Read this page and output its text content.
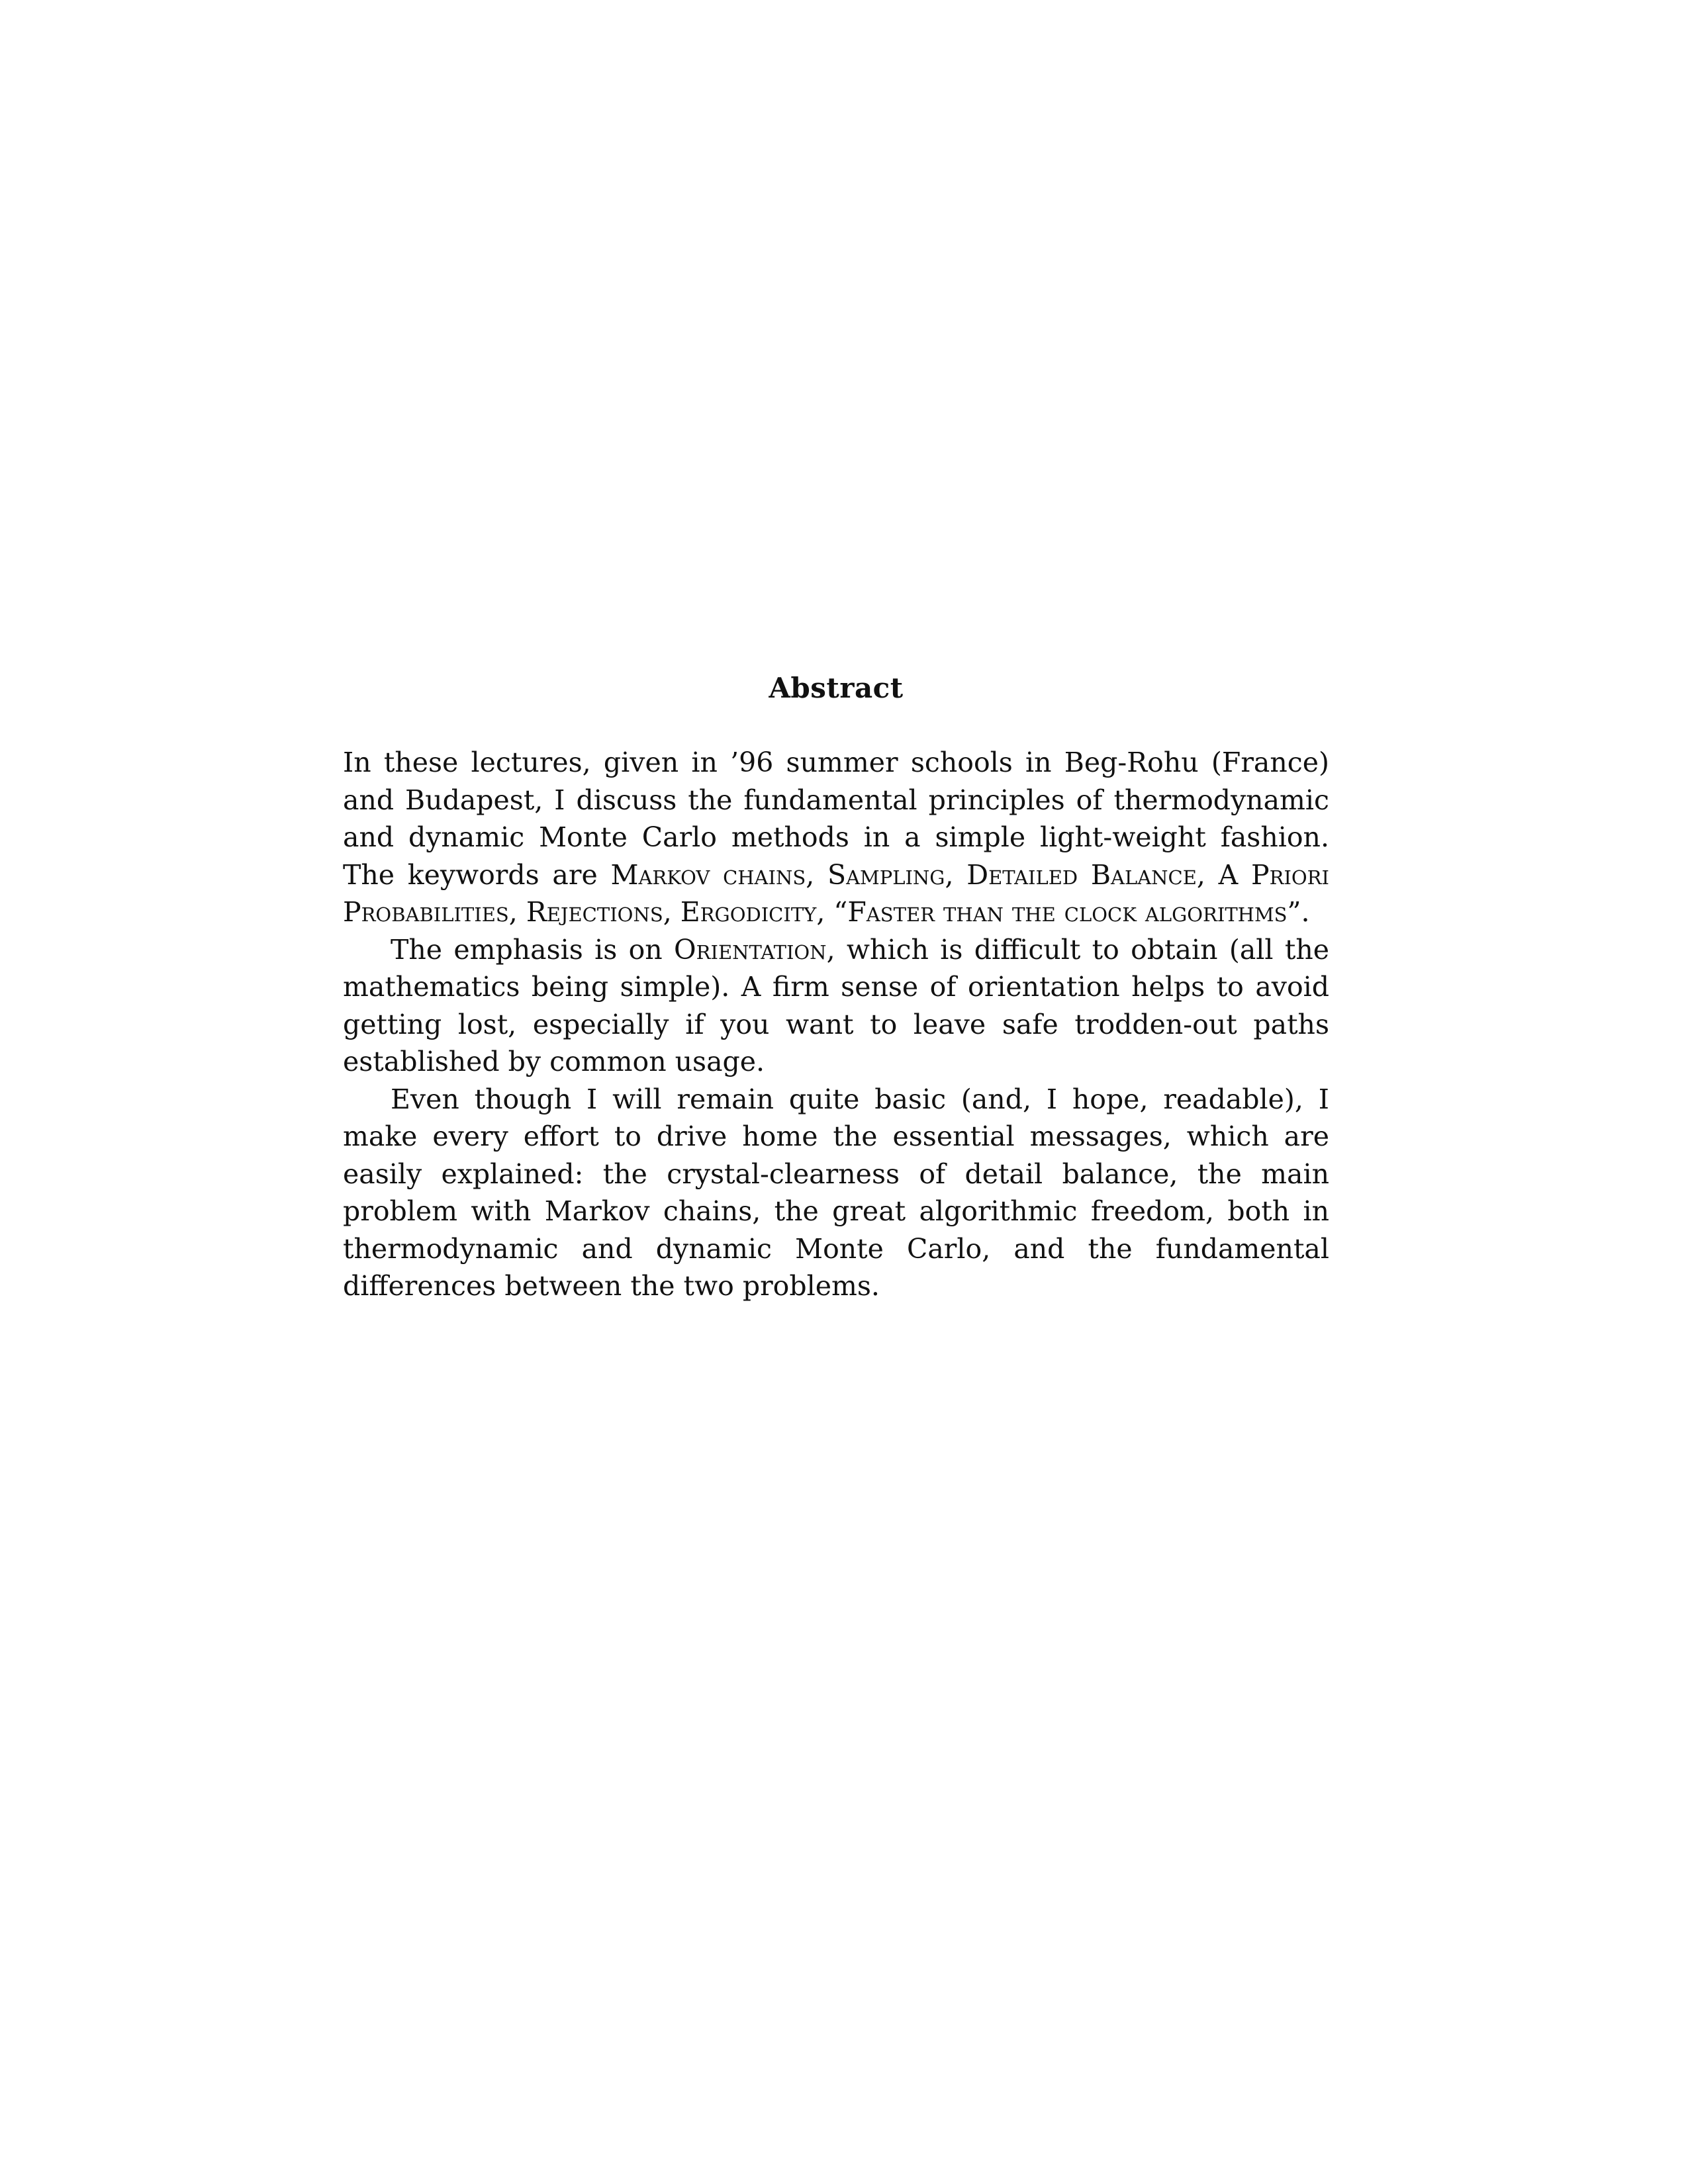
Abstract

In these lectures, given in ’96 summer schools in Beg-Rohu (France) and Budapest, I discuss the fundamental principles of thermodynamic and dynamic Monte Carlo methods in a simple light-weight fashion. The keywords are Markov chains, Sampling, Detailed Balance, A Priori Probabilities, Rejections, Ergodicity, “Faster than the clock algorithms”.

The emphasis is on Orientation, which is difficult to obtain (all the mathematics being simple). A firm sense of orientation helps to avoid getting lost, especially if you want to leave safe trodden-out paths established by common usage.

Even though I will remain quite basic (and, I hope, readable), I make every effort to drive home the essential messages, which are easily explained: the crystal-clearness of detail balance, the main problem with Markov chains, the great algorithmic freedom, both in thermodynamic and dynamic Monte Carlo, and the fundamental differences between the two problems.
